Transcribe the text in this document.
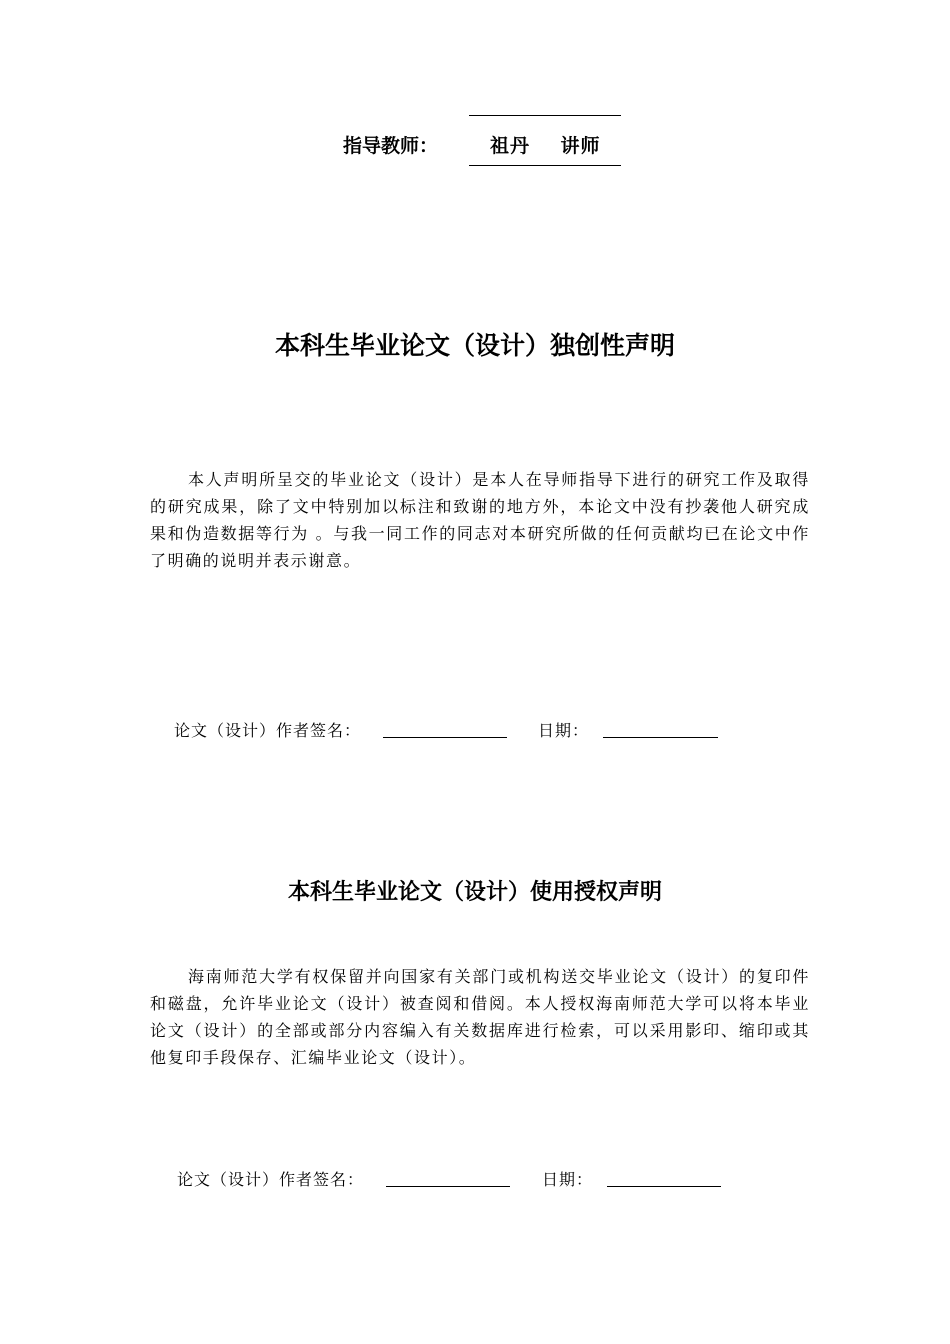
指导教师：	祖丹    讲师
本科生毕业论文（设计）独创性声明
本人声明所呈交的毕业论文（设计）是本人在导师指导下进行的研究工作及取得的研究成果，除了文中特别加以标注和致谢的地方外，本论文中没有抄袭他人研究成果和伪造数据等行为 。与我一同工作的同志对本研究所做的任何贡献均已在论文中作了明确的说明并表示谢意。
论文（设计）作者签名：	日期：
本科生毕业论文（设计）使用授权声明
海南师范大学有权保留并向国家有关部门或机构送交毕业论文（设计）的复印件和磁盘，允许毕业论文（设计）被查阅和借阅。本人授权海南师范大学可以将本毕业论文（设计）的全部或部分内容编入有关数据库进行检索，可以采用影印、缩印或其他复印手段保存、汇编毕业论文（设计）。
论文（设计）作者签名：	日期：
